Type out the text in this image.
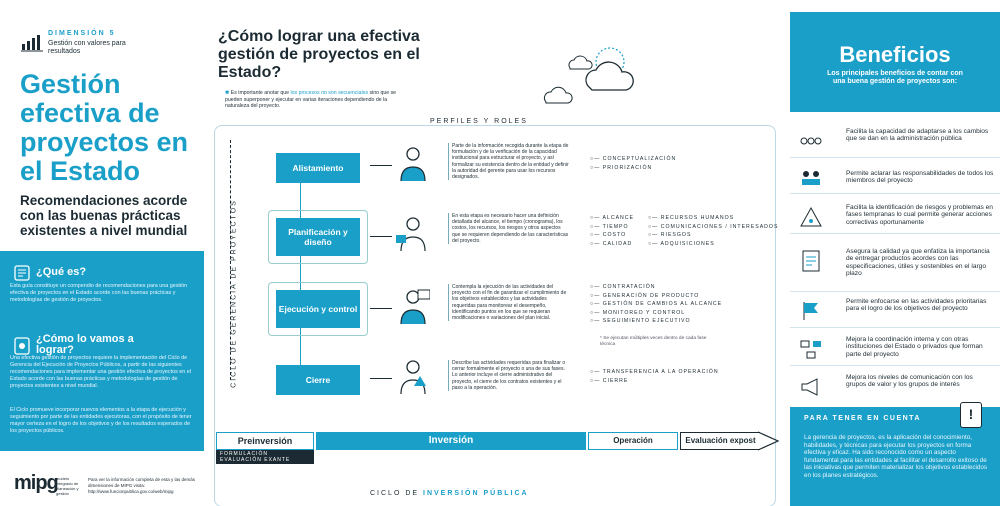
DIMENSIÓN 5
Gestión con valores para resultados
Gestión efectiva de proyectos en el Estado
Recomendaciones acorde con las buenas prácticas existentes a nivel mundial
¿Qué es?
Esta guía constituye un compendio de recomendaciones para una gestión efectiva de proyectos en el Estado acorde con las buenas prácticas y metodologías de gestión de proyectos.
¿Cómo lo vamos a lograr?
Una efectiva gestión de proyectos requiere la implementación del Ciclo de Gerencia del Ejecución de Proyectos Públicos, a partir de las siguientes recomendaciones para implementar una gestión efectiva de proyectos en el Estado acorde con las buenas prácticas y metodologías de gestión de proyectos existentes a nivel mundial.
El Ciclo promueve incorporar nuevos elementos a la etapa de ejecución y seguimiento por parte de las entidades ejecutoras, con el propósito de tener mayor certeza en el logro de los objetivos y de los resultados esperados de los proyectos públicos.
mipg
modelo integrado de planeación y gestión
Para ver la información completa de esta y las demás dimensiones de MIPG visita: http://www.funcionpublica.gov.co/web/mipg
¿Cómo lograr una efectiva gestión de proyectos en el Estado?
✱ Es importante anotar que los procesos no son secuenciales sino que se pueden superponer y ejecutar en varias iteraciones dependiendo de la naturaleza del proyecto.
PERFILES Y ROLES
CICLO DE GERENCIA DE PROYECTOS
Alistamiento
Parte de la información recogida durante la etapa de formulación y de la verificación de la capacidad institucional para estructurar el proyecto, y así formalizar su existencia dentro de la entidad y definir la autoridad del gerente para usar los recursos designados.
○— CONCEPTUALIZACIÓN
○— PRIORIZACIÓN
Planificación y diseño
En esta etapa es necesario hacer una definición detallada del alcance, el tiempo (cronograma), los costos, los recursos, los riesgos y otros aspectos que se requieren dependiendo de las características del proyecto.
○— ALCANCE
○— TIEMPO
○— COSTO
○— CALIDAD
○— RECURSOS HUMANOS
○— COMUNICACIONES / INTERESADOS
○— RIESGOS
○— ADQUISICIONES
Ejecución y control
Contempla la ejecución de las actividades del proyecto con el fin de garantizar el cumplimiento de los objetivos establecidos y las actividades requeridas para monitorear el desempeño, identificando puntos en los que se requieran modificaciones o variaciones del plan inicial.
○— CONTRATACIÓN
○— GENERACIÓN DE PRODUCTO
○— GESTIÓN DE CAMBIOS AL ALCANCE
○— MONITOREO Y CONTROL
○— SEGUIMIENTO EJECUTIVO
* Se ejecutan múltiples veces dentro de cada fase técnica
Cierre
Describe las actividades requeridas para finalizar o cerrar formalmente el proyecto o una de sus fases. Lo anterior incluye el cierre administrativo del proyecto, el cierre de los contratos existentes y el paso a la operación.
○— TRANSFERENCIA A LA OPERACIÓN
○— CIERRE
Preinversión	Inversión	Operación	Evaluación expost
FORMULACIÓN EVALUACIÓN EXANTE
CICLO DE INVERSIÓN PÚBLICA
Beneficios
Los principales beneficios de contar con una buena gestión de proyectos son:
Facilita la capacidad de adaptarse a los cambios que se dan en la administración pública
Permite aclarar las responsabilidades de todos los miembros del proyecto
Facilita la identificación de riesgos y problemas en fases tempranas lo cual permite generar acciones correctivas oportunamente
Asegura la calidad ya que enfatiza la importancia de entregar productos acordes con las especificaciones, útiles y sostenibles en el largo plazo
Permite enfocarse en las actividades prioritarias para el logro de los objetivos del proyecto
Mejora la coordinación interna y con otras instituciones del Estado o privados que forman parte del proyecto
Mejora los niveles de comunicación con los grupos de valor y los grupos de interés
PARA TENER EN CUENTA	!
La gerencia de proyectos, es la aplicación del conocimiento, habilidades, y técnicas para ejecutar los proyectos en forma efectiva y eficaz. Ha sido reconocido como un aspecto fundamental para las entidades al facilitar el desarrollo exitoso de las iniciativas que permiten materializar los objetivos establecidos en los planes estratégicos.
